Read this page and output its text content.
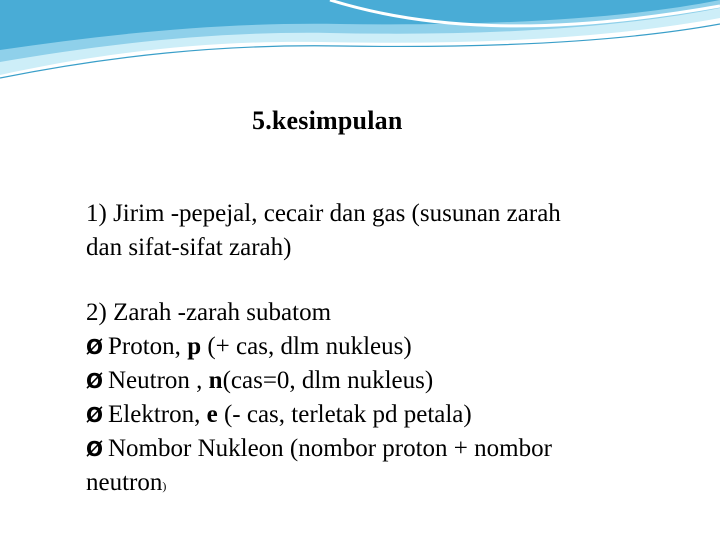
5.kesimpulan
1) Jirim -pepejal, cecair dan gas (susunan zarah
dan sifat-sifat zarah)
2) Zarah -zarah subatom
Ø Proton, p (+ cas, dlm nukleus)
Ø Neutron , n(cas=0, dlm nukleus)
Ø Elektron, e (- cas, terletak pd petala)
Ø Nombor Nukleon (nombor proton + nombor
neutron)
